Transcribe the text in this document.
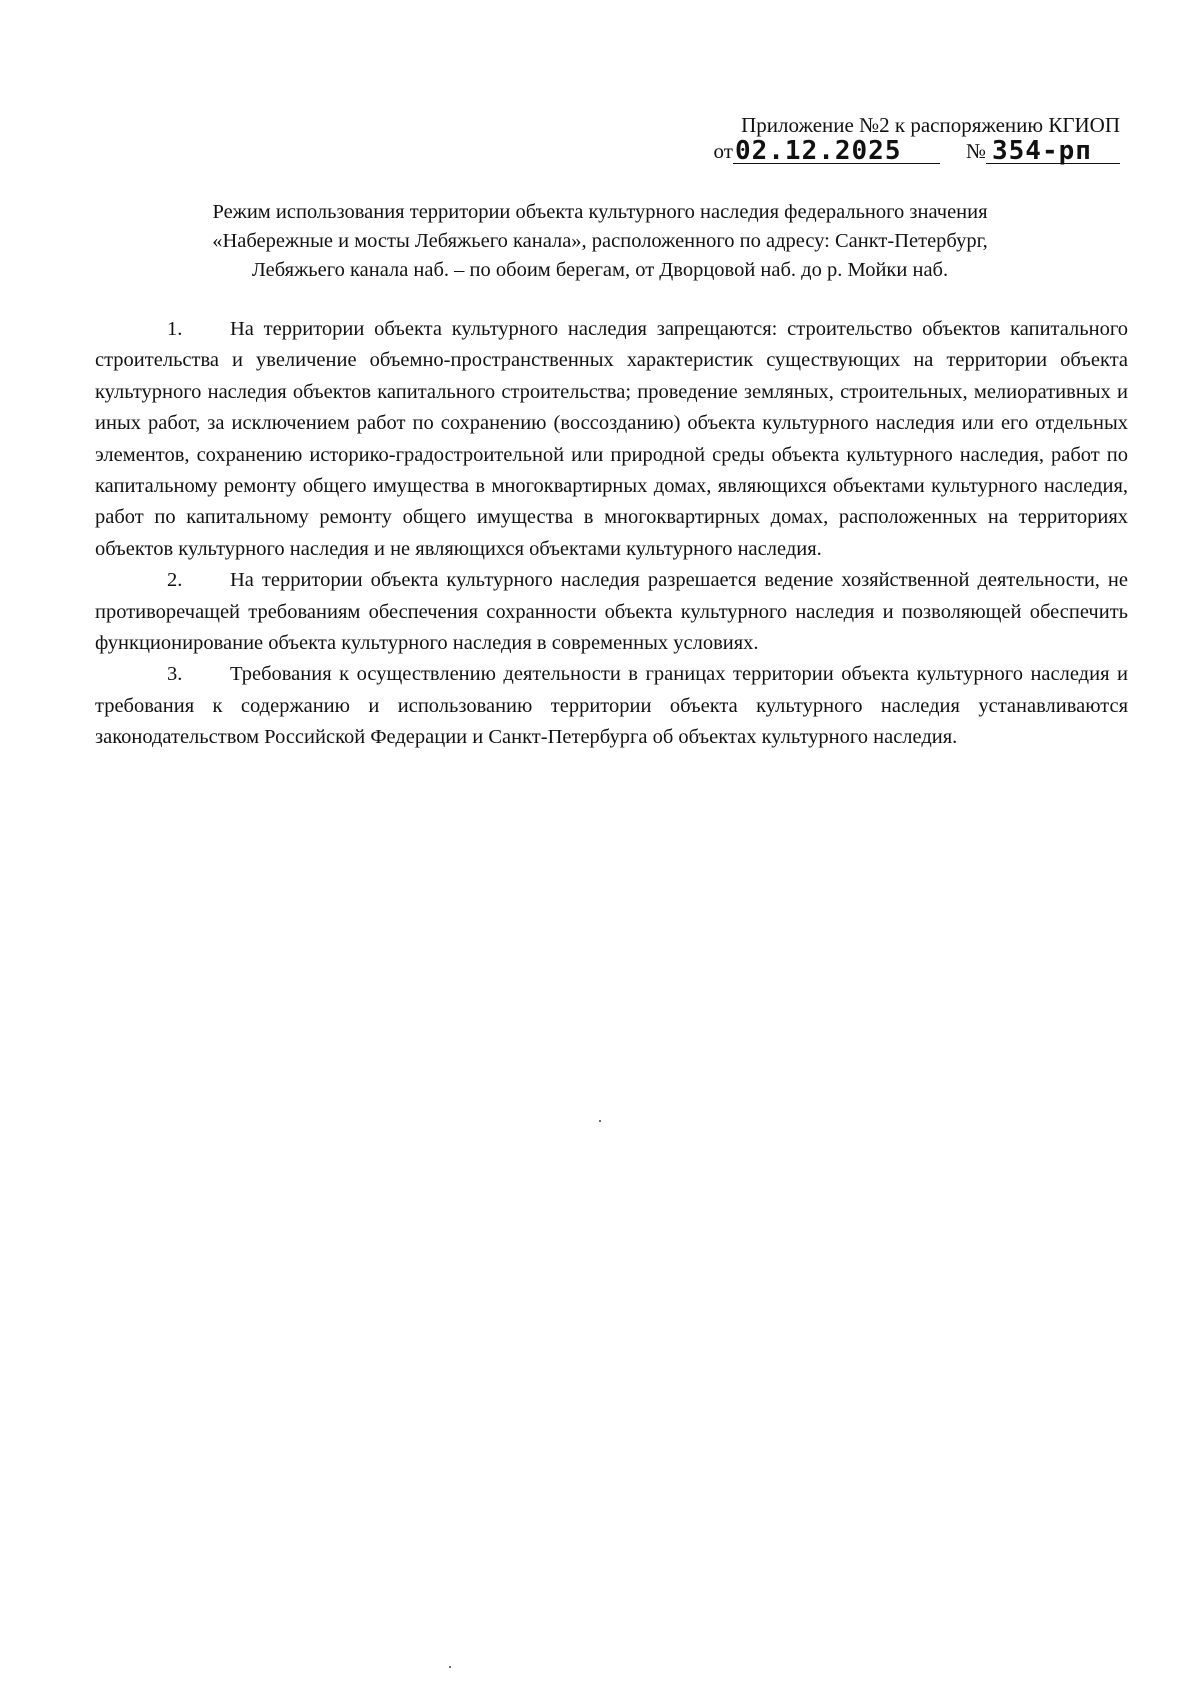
Приложение №2 к распоряжению КГИОП
от 02.12.2025	№ 354-рп
Режим использования территории объекта культурного наследия федерального значения
«Набережные и мосты Лебяжьего канала», расположенного по адресу: Санкт-Петербург,
Лебяжьего канала наб. – по обоим берегам, от Дворцовой наб. до р. Мойки наб.

1. На территории объекта культурного наследия запрещаются: строительство объектов капитального строительства и увеличение объемно-пространственных характеристик существующих на территории объекта культурного наследия объектов капитального строительства; проведение земляных, строительных, мелиоративных и иных работ, за исключением работ по сохранению (воссозданию) объекта культурного наследия или его отдельных элементов, сохранению историко-градостроительной или природной среды объекта культурного наследия, работ по капитальному ремонту общего имущества в многоквартирных домах, являющихся объектами культурного наследия, работ по капитальному ремонту общего имущества в многоквартирных домах, расположенных на территориях объектов культурного наследия и не являющихся объектами культурного наследия.

2. На территории объекта культурного наследия разрешается ведение хозяйственной деятельности, не противоречащей требованиям обеспечения сохранности объекта культурного наследия и позволяющей обеспечить функционирование объекта культурного наследия в современных условиях.

3. Требования к осуществлению деятельности в границах территории объекта культурного наследия и требования к содержанию и использованию территории объекта культурного наследия устанавливаются законодательством Российской Федерации и Санкт-Петербурга об объектах культурного наследия.
